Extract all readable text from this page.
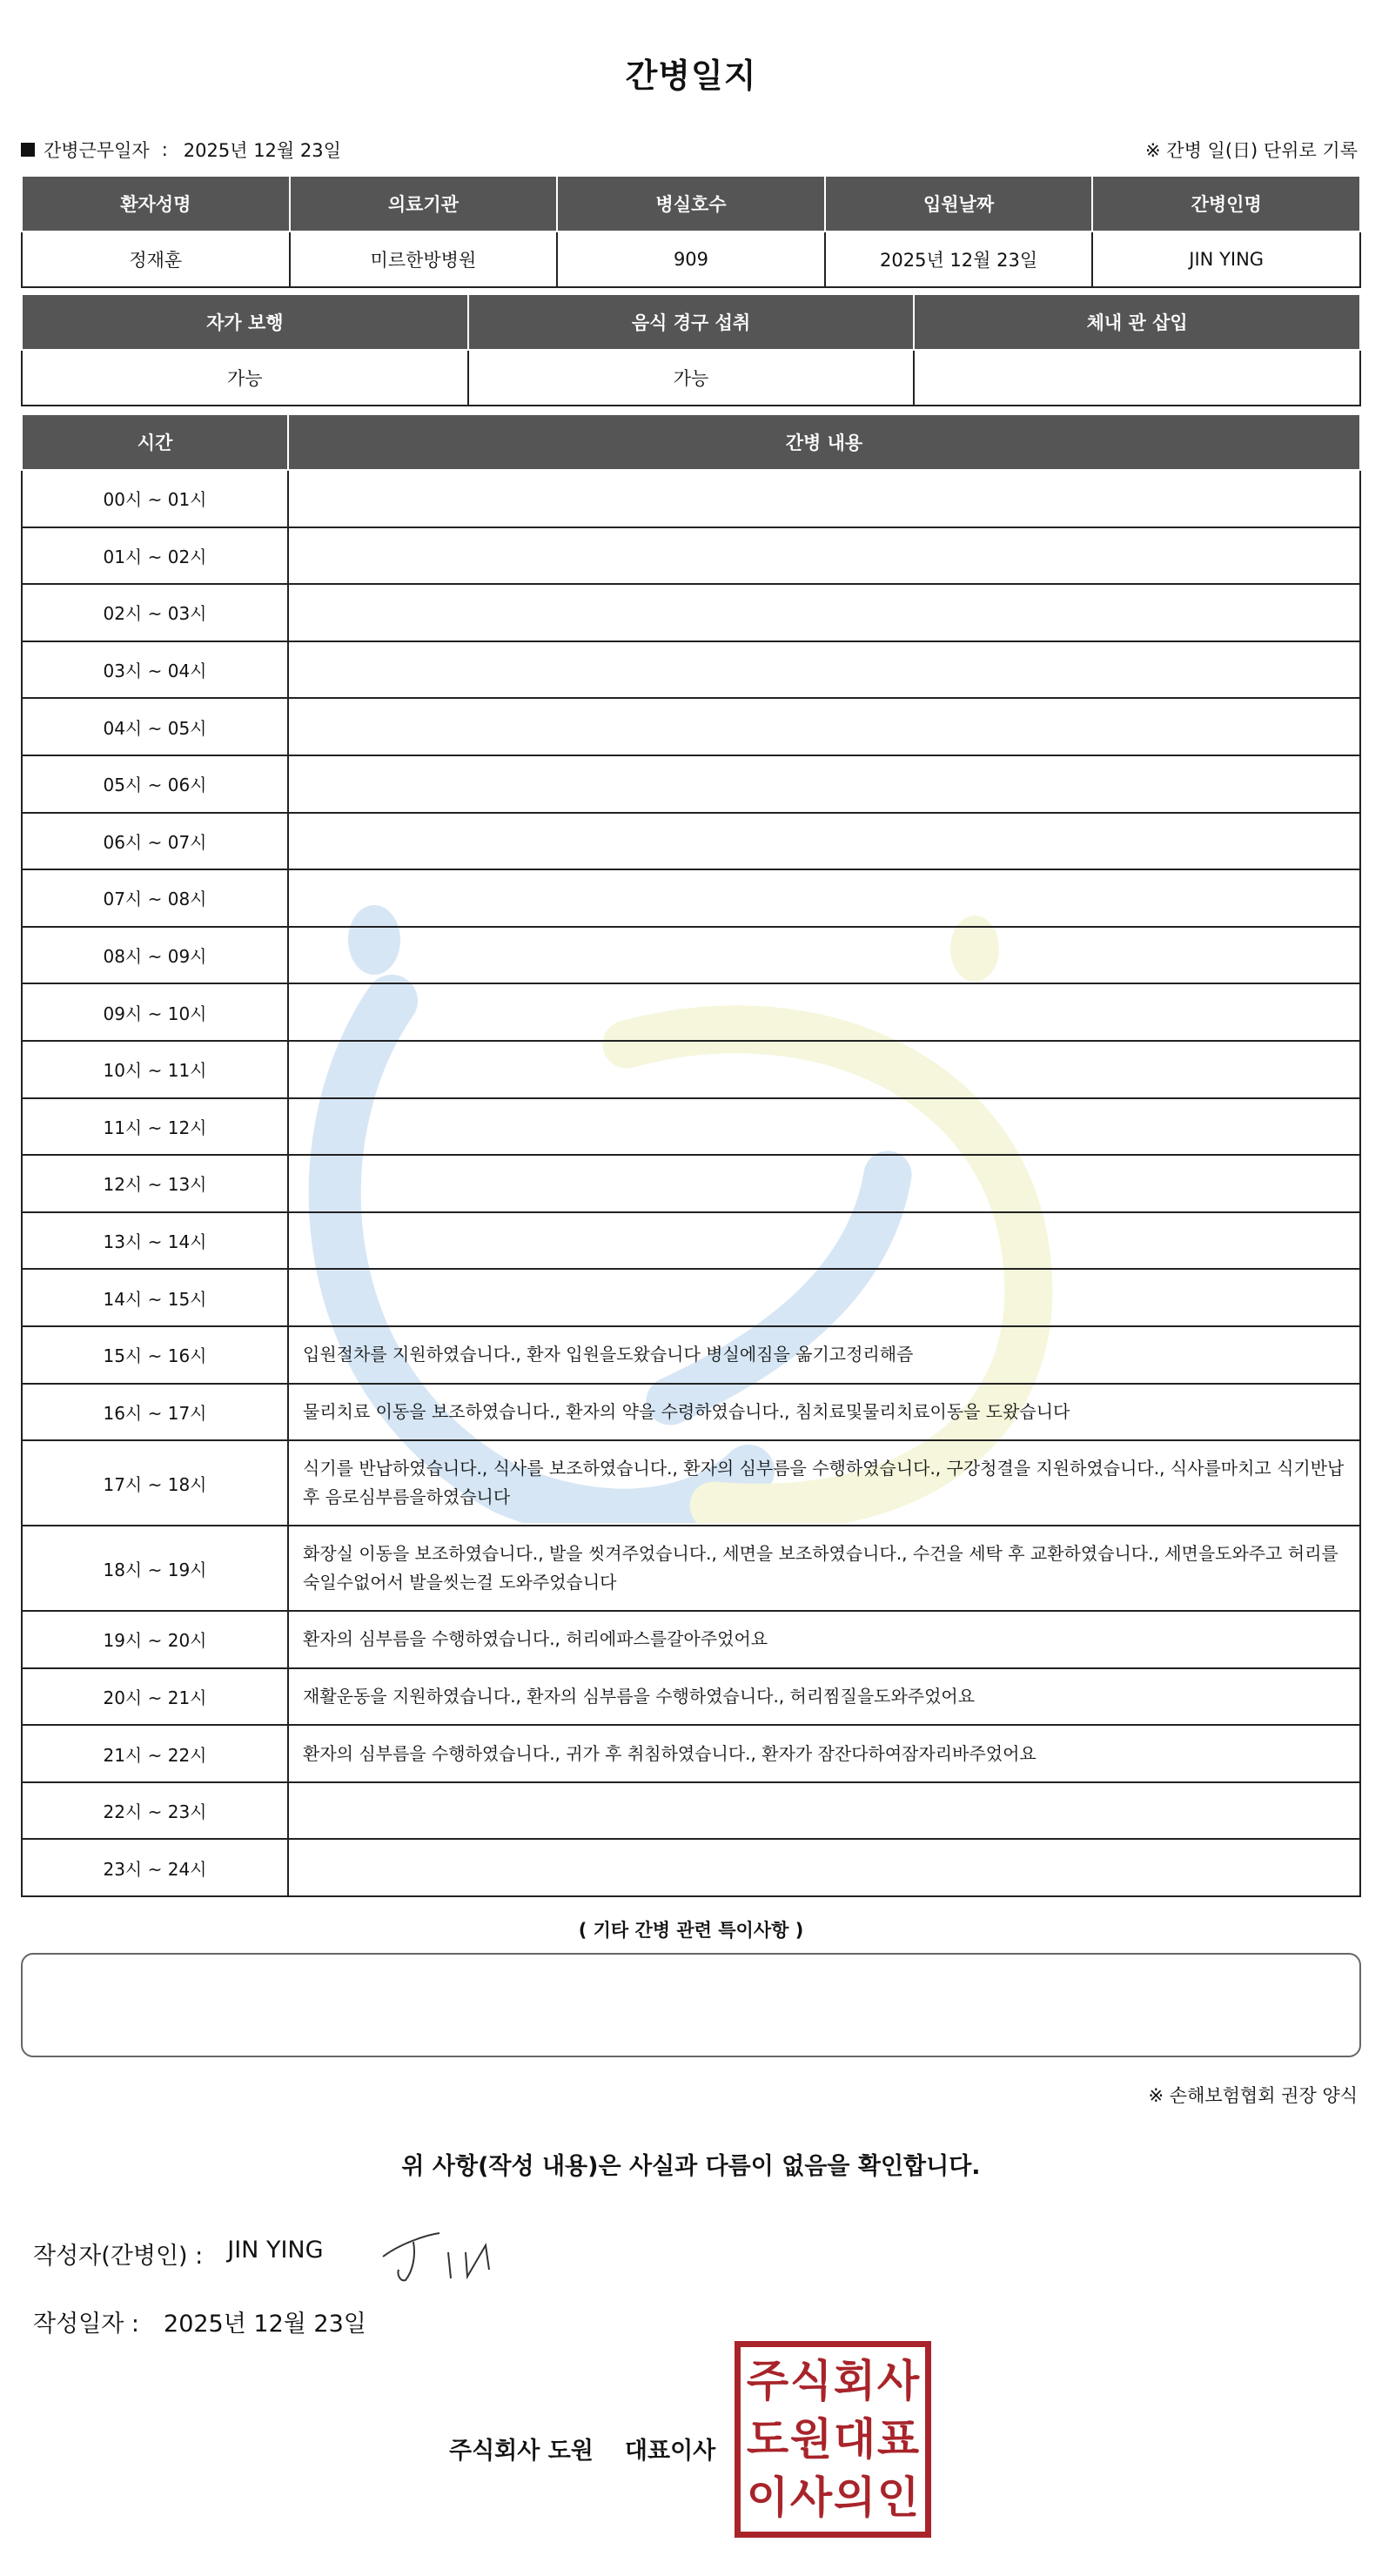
간병일지
간병근무일자 : 2025년 12월 23일	※ 간병 일(日) 단위로 기록
환자성명	의료기관	병실호수	입원날짜	간병인명
정재훈	미르한방병원	909	2025년 12월 23일	JIN YING
자가 보행	음식 경구 섭취	체내 관 삽입
가능	가능	
시간	간병 내용
00시 ~ 01시	
01시 ~ 02시	
02시 ~ 03시	
03시 ~ 04시	
04시 ~ 05시	
05시 ~ 06시	
06시 ~ 07시	
07시 ~ 08시	
08시 ~ 09시	
09시 ~ 10시	
10시 ~ 11시	
11시 ~ 12시	
12시 ~ 13시	
13시 ~ 14시	
14시 ~ 15시	
15시 ~ 16시	입원절차를 지원하였습니다., 환자 입원을도왔습니다 병실에짐을 옮기고정리해즘
16시 ~ 17시	물리치료 이동을 보조하였습니다., 환자의 약을 수령하였습니다., 침치료및물리치료이동을 도왔습니다
17시 ~ 18시	식기를 반납하였습니다., 식사를 보조하였습니다., 환자의 심부름을 수행하였습니다., 구강청결을 지원하였습니다., 식사를마치고 식기반납후 음로심부름을하였습니다
18시 ~ 19시	화장실 이동을 보조하였습니다., 발을 씻겨주었습니다., 세면을 보조하였습니다., 수건을 세탁 후 교환하였습니다., 세면을도와주고 허리를숙일수없어서 발을씻는걸 도와주었습니다
19시 ~ 20시	환자의 심부름을 수행하였습니다., 허리에파스를갈아주었어요
20시 ~ 21시	재활운동을 지원하였습니다., 환자의 심부름을 수행하였습니다., 허리찜질을도와주었어요
21시 ~ 22시	환자의 심부름을 수행하였습니다., 귀가 후 취침하였습니다., 환자가 잠잔다하여잠자리바주었어요
22시 ~ 23시	
23시 ~ 24시	
( 기타 간병 관련 특이사항 )
※ 손해보험협회 권장 양식
위 사항(작성 내용)은 사실과 다름이 없음을 확인합니다.
작성자(간병인) : JIN YING
작성일자 : 2025년 12월 23일
주식회사 도원 대표이사
주 식 회 사
도 원 대 표
이 사 의 인
